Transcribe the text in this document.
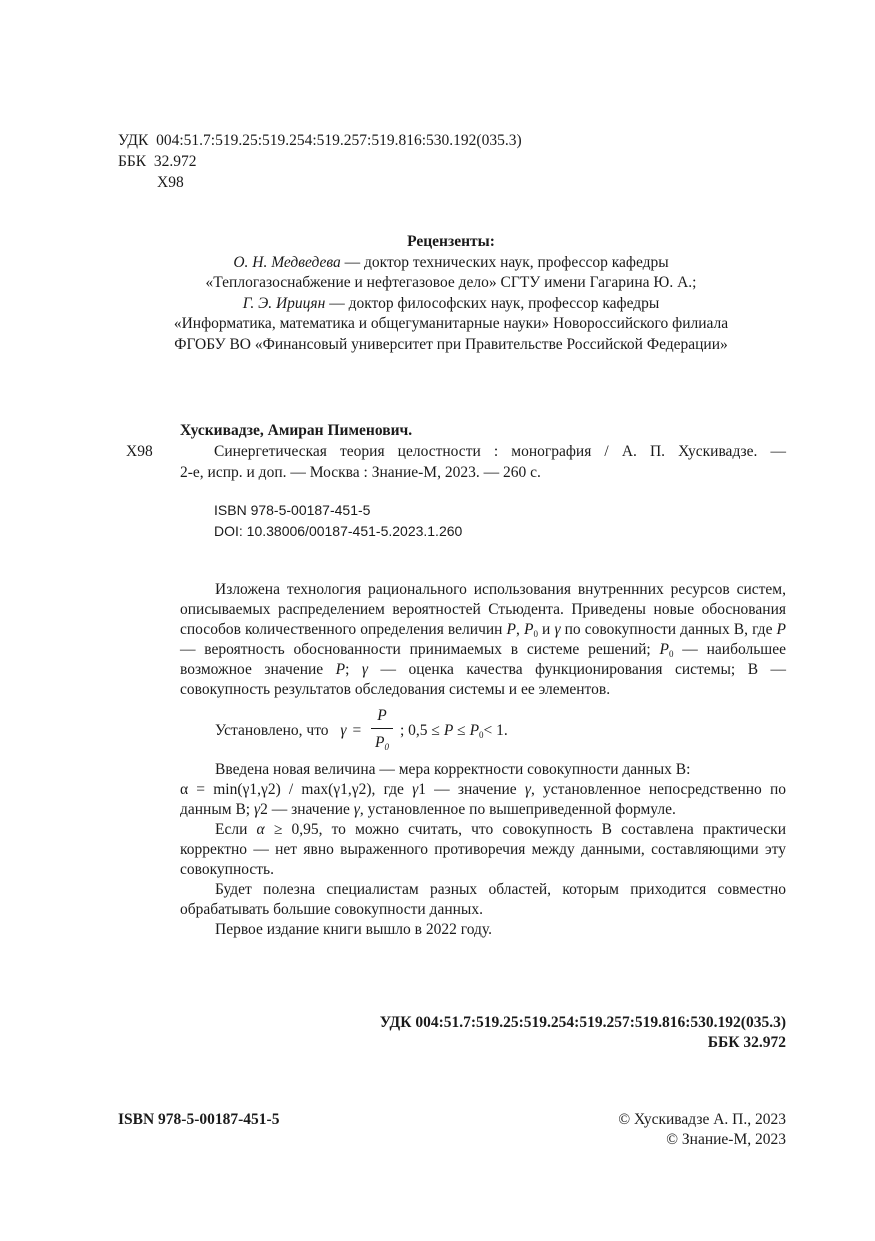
УДК 004:51.7:519.25:519.254:519.257:519.816:530.192(035.3)
ББК 32.972
Х98
Рецензенты:
О. Н. Медведева — доктор технических наук, профессор кафедры
«Теплогазоснабжение и нефтегазовое дело» СГТУ имени Гагарина Ю. А.;
Г. Э. Ирицян — доктор философских наук, профессор кафедры
«Информатика, математика и общегуманитарные науки» Новороссийского филиала
ФГОБУ ВО «Финансовый университет при Правительстве Российской Федерации»
Хускивадзе, Амиран Пименович.
Х98	Синергетическая теория целостности : монография / А. П. Хускивадзе. —
2-е, испр. и доп. — Москва : Знание-М, 2023. — 260 с.
ISBN 978-5-00187-451-5
DOI: 10.38006/00187-451-5.2023.1.260
Изложена технология рационального использования внутреннних ресурсов систем, описываемых распределением вероятностей Стьюдента. Приведены новые обоснования способов количественного определения величин P, $P_0$ и γ по совокупности данных В, где P — вероятность обоснованности принимаемых в системе решений; $P_0$ — наибольшее возможное значение P; γ — оценка качества функционирования системы; В — совокупность результатов обследования системы и ее элементов.
Установлено, что γ =
P
$P_0$
; $0,5 \le P \le P_0< 1$.
Введена новая величина — мера корректности совокупности данных В:
α = min(γ1,γ2) / max(γ1,γ2), где γ1 — значение γ, установленное непосредственно по данным В; γ2 — значение γ, установленное по вышеприведенной формуле.
Если α ≥ 0,95, то можно считать, что совокупность В составлена практически корректно — нет явно выраженного противоречия между данными, составляющими эту совокупность.
Будет полезна специалистам разных областей, которым приходится совместно обрабатывать большие совокупности данных.
Первое издание книги вышло в 2022 году.
УДК 004:51.7:519.25:519.254:519.257:519.816:530.192(035.3)
ББК 32.972
ISBN 978-5-00187-451-5	© Хускивадзе А. П., 2023
© Знание-М, 2023
